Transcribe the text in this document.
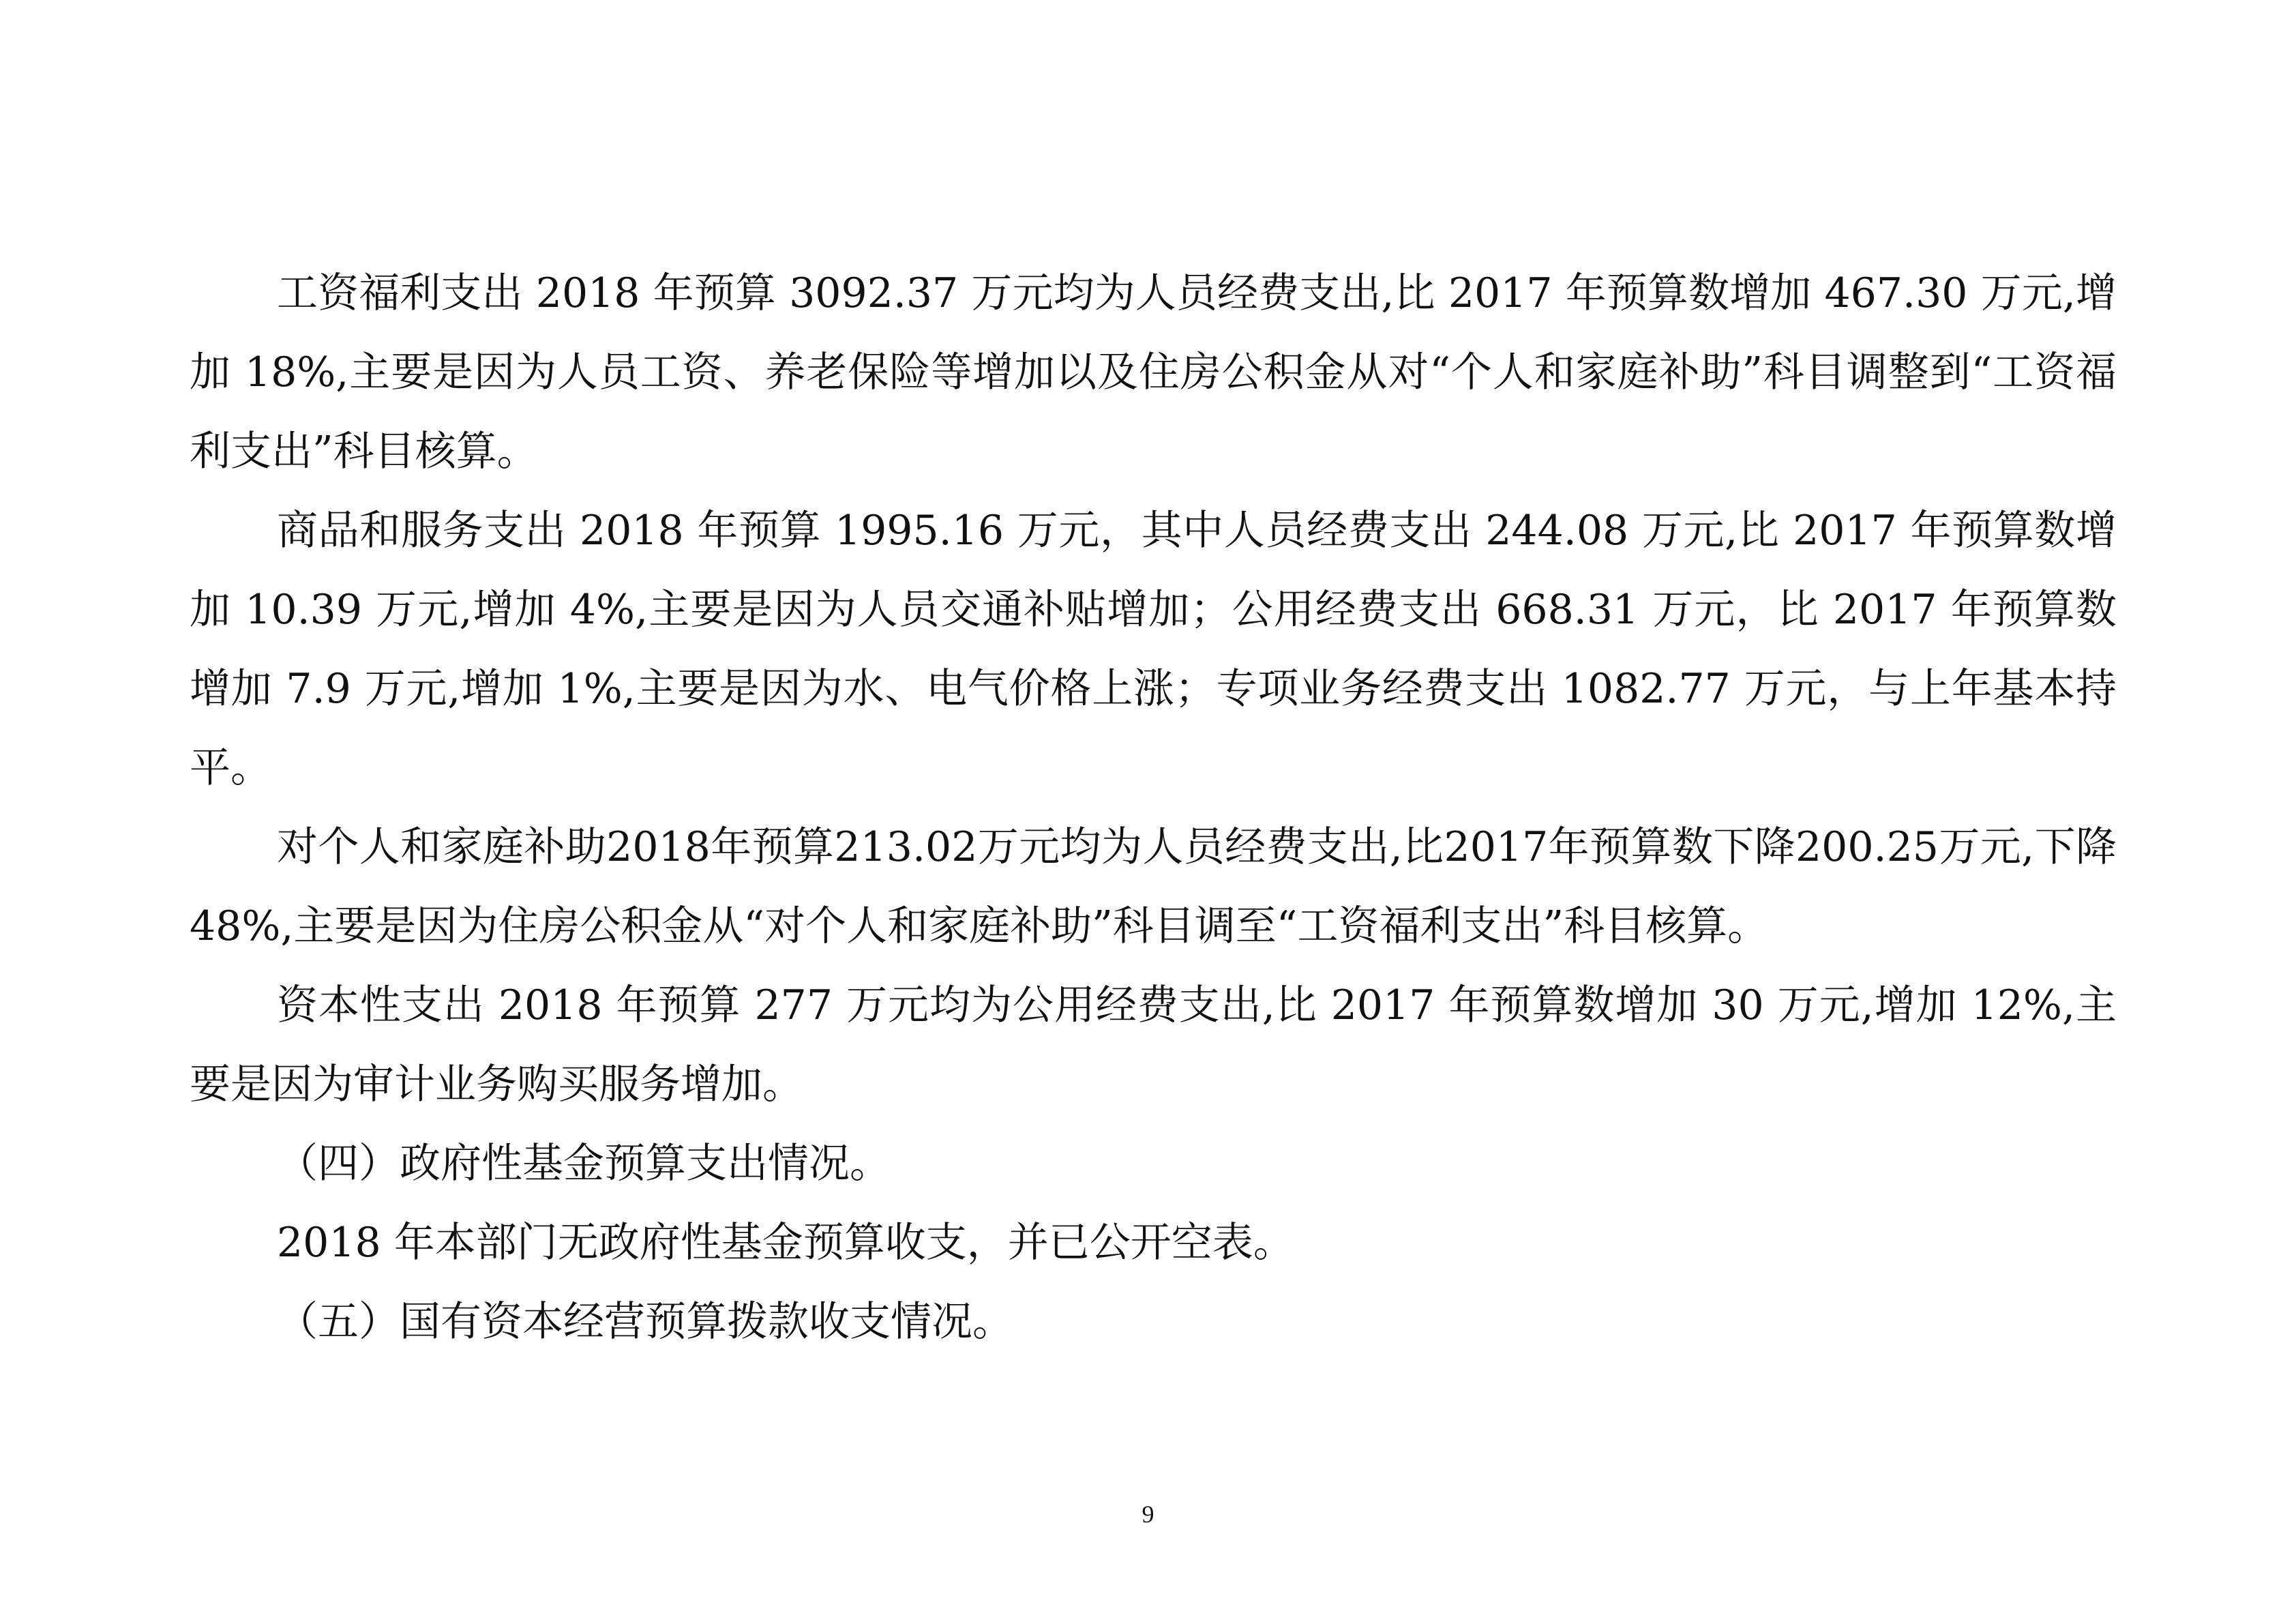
工资福利支出 2018 年预算 3092.37 万元均为人员经费支出,比 2017 年预算数增加 467.30 万元,增加 18%,主要是因为人员工资、养老保险等增加以及住房公积金从对“个人和家庭补助”科目调整到“工资福利支出”科目核算。

商品和服务支出 2018 年预算 1995.16 万元，其中人员经费支出 244.08 万元,比 2017 年预算数增加 10.39 万元,增加 4%,主要是因为人员交通补贴增加；公用经费支出 668.31 万元，比 2017 年预算数增加 7.9 万元,增加 1%,主要是因为水、电气价格上涨；专项业务经费支出 1082.77 万元，与上年基本持平。

对个人和家庭补助2018年预算213.02万元均为人员经费支出,比2017年预算数下降200.25万元,下降 48%,主要是因为住房公积金从“对个人和家庭补助”科目调至“工资福利支出”科目核算。

资本性支出 2018 年预算 277 万元均为公用经费支出,比 2017 年预算数增加 30 万元,增加 12%,主要是因为审计业务购买服务增加。

（四）政府性基金预算支出情况。

2018 年本部门无政府性基金预算收支，并已公开空表。

（五）国有资本经营预算拨款收支情况。

9
